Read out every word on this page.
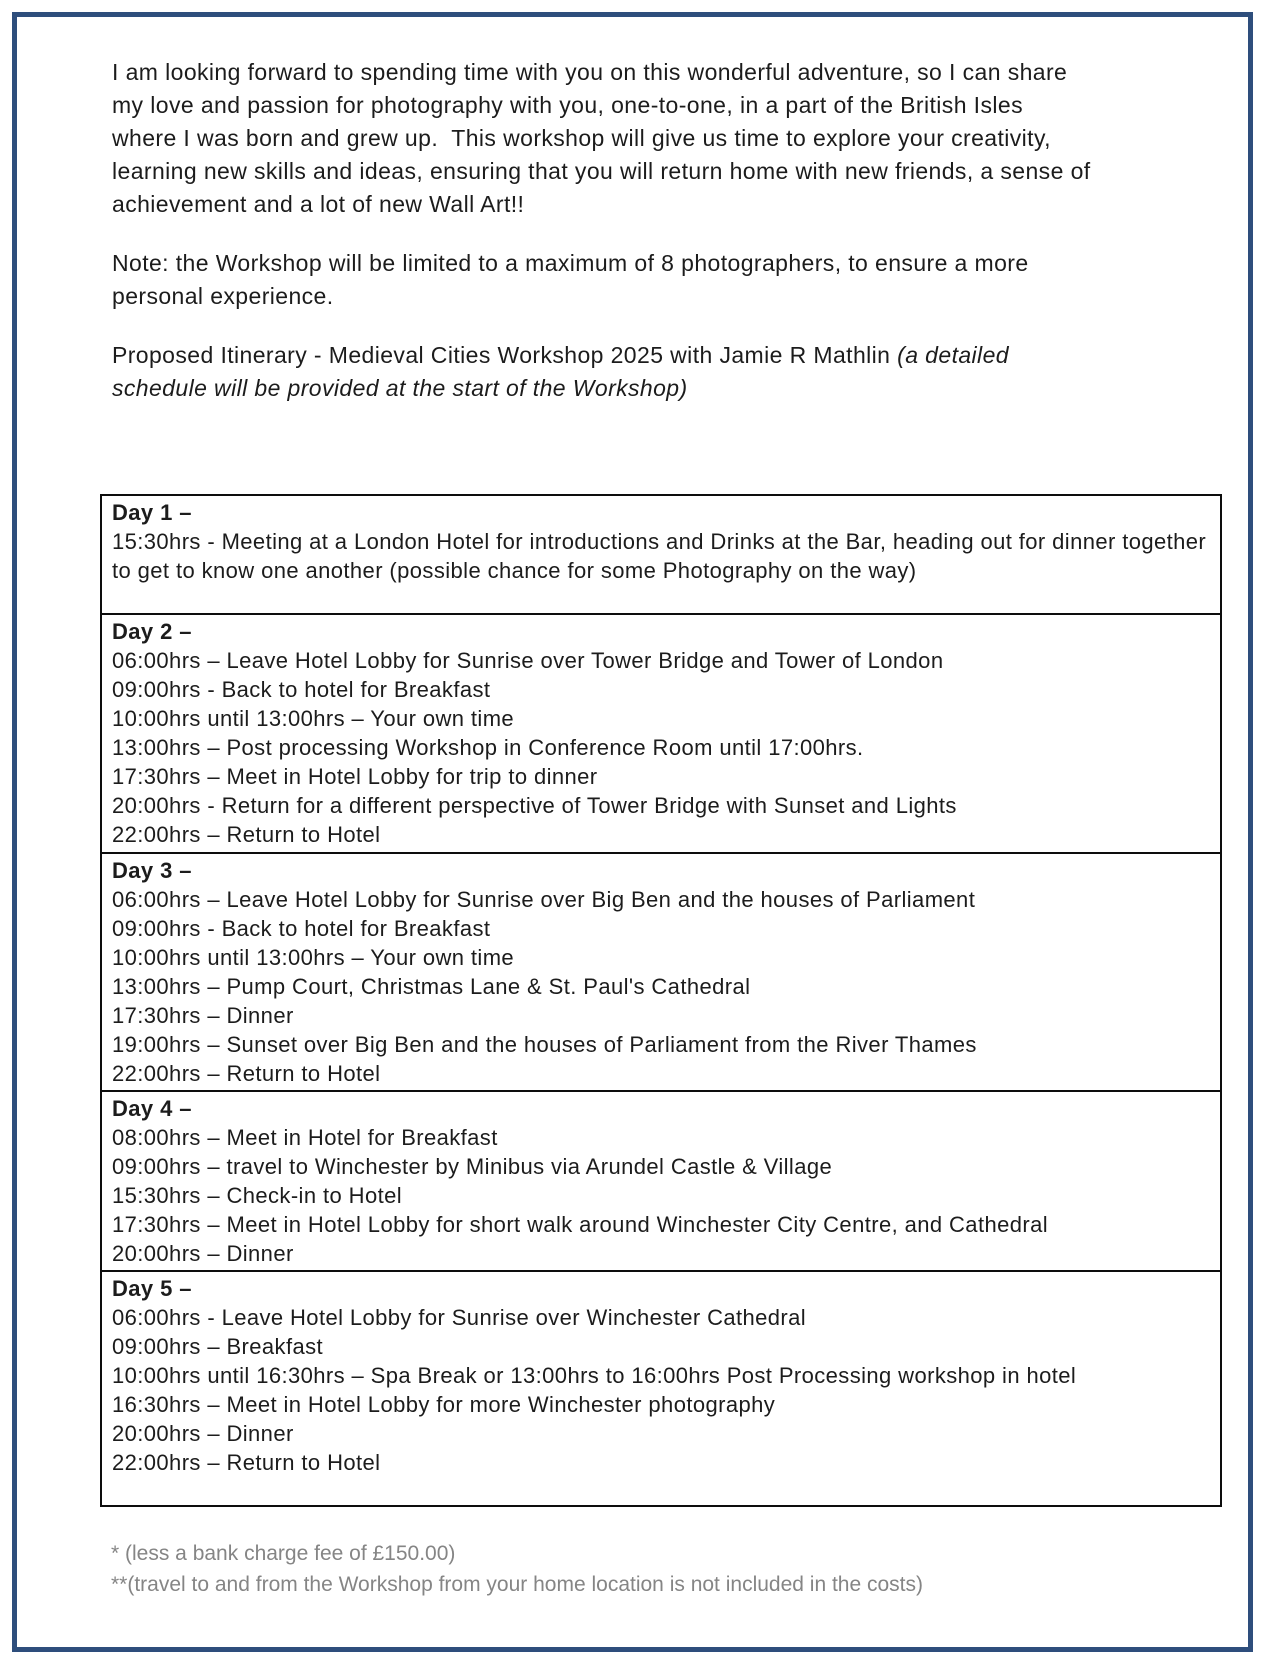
I am looking forward to spending time with you on this wonderful adventure, so I can share my love and passion for photography with you, one-to-one, in a part of the British Isles where I was born and grew up.  This workshop will give us time to explore your creativity, learning new skills and ideas, ensuring that you will return home with new friends, a sense of achievement and a lot of new Wall Art!!

Note: the Workshop will be limited to a maximum of 8 photographers, to ensure a more personal experience.

Proposed Itinerary - Medieval Cities Workshop 2025 with Jamie R Mathlin (a detailed schedule will be provided at the start of the Workshop)

Day 1 –
15:30hrs - Meeting at a London Hotel for introductions and Drinks at the Bar, heading out for dinner together to get to know one another (possible chance for some Photography on the way)
Day 2 –
06:00hrs – Leave Hotel Lobby for Sunrise over Tower Bridge and Tower of London
09:00hrs - Back to hotel for Breakfast
10:00hrs until 13:00hrs – Your own time
13:00hrs – Post processing Workshop in Conference Room until 17:00hrs.
17:30hrs – Meet in Hotel Lobby for trip to dinner
20:00hrs - Return for a different perspective of Tower Bridge with Sunset and Lights
22:00hrs – Return to Hotel
Day 3 –
06:00hrs – Leave Hotel Lobby for Sunrise over Big Ben and the houses of Parliament
09:00hrs - Back to hotel for Breakfast
10:00hrs until 13:00hrs – Your own time
13:00hrs – Pump Court, Christmas Lane & St. Paul's Cathedral
17:30hrs – Dinner
19:00hrs – Sunset over Big Ben and the houses of Parliament from the River Thames
22:00hrs – Return to Hotel
Day 4 –
08:00hrs – Meet in Hotel for Breakfast
09:00hrs – travel to Winchester by Minibus via Arundel Castle & Village
15:30hrs – Check-in to Hotel
17:30hrs – Meet in Hotel Lobby for short walk around Winchester City Centre, and Cathedral
20:00hrs – Dinner
Day 5 –
06:00hrs - Leave Hotel Lobby for Sunrise over Winchester Cathedral
09:00hrs – Breakfast
10:00hrs until 16:30hrs – Spa Break or 13:00hrs to 16:00hrs Post Processing workshop in hotel
16:30hrs – Meet in Hotel Lobby for more Winchester photography
20:00hrs – Dinner
22:00hrs – Return to Hotel

* (less a bank charge fee of £150.00)

**(travel to and from the Workshop from your home location is not included in the costs)
